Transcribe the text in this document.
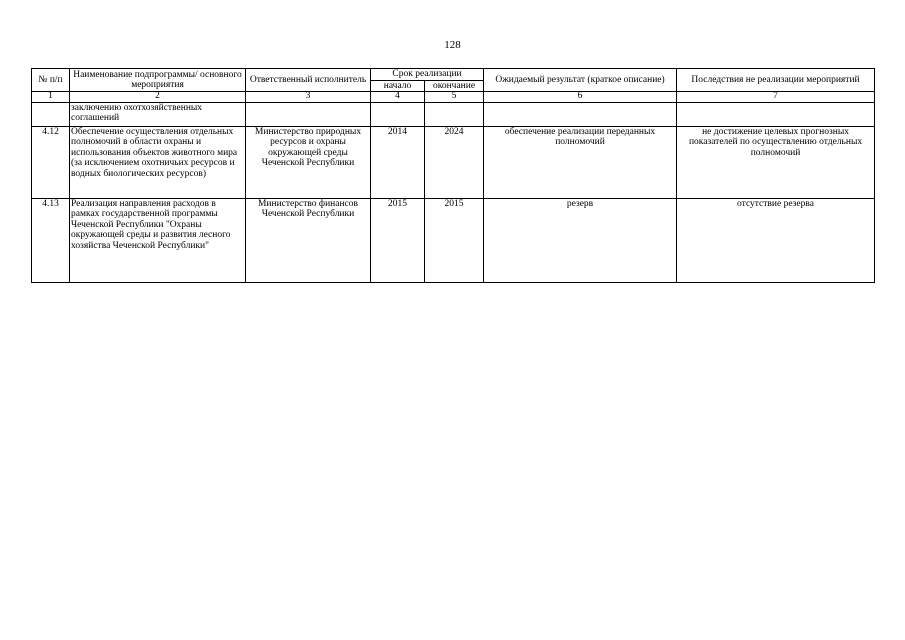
128
№ п/п	Наименование подпрограммы/ основного мероприятия	Ответственный исполнитель	Срок реализации		Ожидаемый результат (краткое описание)	Последствия не реализации мероприятий
			начало	окончание		
1	2	3	4	5	6	7
	заключению охотхозяйственных соглашений					
4.12	Обеспечение осуществления отдельных полномочий в области охраны и использования объектов животного мира (за исключением охотничьих ресурсов и водных биологических ресурсов)	Министерство природных ресурсов и охраны окружающей среды Чеченской Республики	2014	2024	обеспечение реализации переданных полномочий	не достижение целевых прогнозных показателей по осуществлению отдельных полномочий
4.13	Реализация направления расходов в рамках государственной программы Чеченской Республики "Охраны окружающей среды и развития лесного хозяйства Чеченской Республики"	Министерство финансов Чеченской Республики	2015	2015	резерв	отсутствие резерва
